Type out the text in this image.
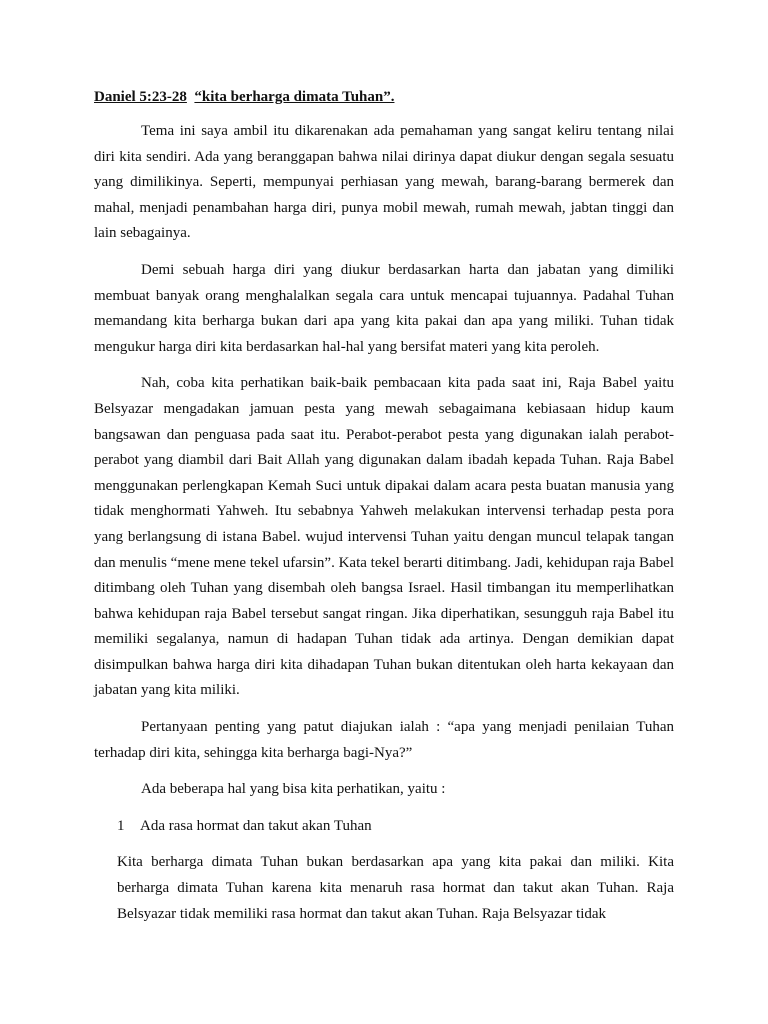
Daniel 5:23-28 “kita berharga dimata Tuhan”.

Tema ini saya ambil itu dikarenakan ada pemahaman yang sangat keliru tentang nilai diri kita sendiri. Ada yang beranggapan bahwa nilai dirinya dapat diukur dengan segala sesuatu yang dimilikinya. Seperti, mempunyai perhiasan yang mewah, barang-barang bermerek dan mahal, menjadi penambahan harga diri, punya mobil mewah, rumah mewah, jabtan tinggi dan lain sebagainya.

Demi sebuah harga diri yang diukur berdasarkan harta dan jabatan yang dimiliki membuat banyak orang menghalalkan segala cara untuk mencapai tujuannya. Padahal Tuhan memandang kita berharga bukan dari apa yang kita pakai dan apa yang miliki. Tuhan tidak mengukur harga diri kita berdasarkan hal-hal yang bersifat materi yang kita peroleh.

Nah, coba kita perhatikan baik-baik pembacaan kita pada saat ini, Raja Babel yaitu Belsyazar mengadakan jamuan pesta yang mewah sebagaimana kebiasaan hidup kaum bangsawan dan penguasa pada saat itu. Perabot-perabot pesta yang digunakan ialah perabot-perabot yang diambil dari Bait Allah yang digunakan dalam ibadah kepada Tuhan. Raja Babel menggunakan perlengkapan Kemah Suci untuk dipakai dalam acara pesta buatan manusia yang tidak menghormati Yahweh. Itu sebabnya Yahweh melakukan intervensi terhadap pesta pora yang berlangsung di istana Babel. wujud intervensi Tuhan yaitu dengan muncul telapak tangan dan menulis “mene mene tekel ufarsin”. Kata tekel berarti ditimbang. Jadi, kehidupan raja Babel ditimbang oleh Tuhan yang disembah oleh bangsa Israel. Hasil timbangan itu memperlihatkan bahwa kehidupan raja Babel tersebut sangat ringan. Jika diperhatikan, sesungguh raja Babel itu memiliki segalanya, namun di hadapan Tuhan tidak ada artinya. Dengan demikian dapat disimpulkan bahwa harga diri kita dihadapan Tuhan bukan ditentukan oleh harta kekayaan dan jabatan yang kita miliki.

Pertanyaan penting yang patut diajukan ialah : “apa yang menjadi penilaian Tuhan terhadap diri kita, sehingga kita berharga bagi-Nya?”

Ada beberapa hal yang bisa kita perhatikan, yaitu :

1	Ada rasa hormat dan takut akan Tuhan

Kita berharga dimata Tuhan bukan berdasarkan apa yang kita pakai dan miliki. Kita berharga dimata Tuhan karena kita menaruh rasa hormat dan takut akan Tuhan. Raja Belsyazar tidak memiliki rasa hormat dan takut akan Tuhan. Raja Belsyazar tidak
